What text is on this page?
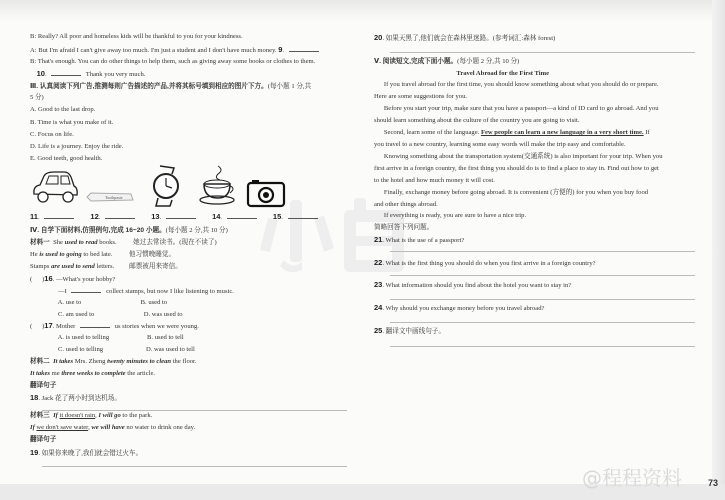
B: Really? All poor and homeless kids will be thankful to you for your kindness.
A: But I'm afraid I can't give away too much. I'm just a student and I don't have much money. 9.
B: That's enough. You can do other things to help them, such as giving away some books or clothes to them.
10.	Thank you very much.
Ⅲ. 认真阅读下列广告,推测每则广告描述的产品,并将其标号填到相应的图片下方。(每小题 1 分,共
5 分)
A. Good to the last drop.
B. Time is what you make of it.
C. Focus on life.
D. Life is a journey. Enjoy the ride.
E. Good teeth, good health.
11.	12.	13.	14.	15.
Ⅳ. 自学下面材料,仿照例句,完成 16~20 小题。(每小题 2 分,共 10 分)
材料一  She used to read books.          她过去常读书。(现在不读了)
He is used to going to bed late.          他习惯晚睡觉。
Stamps are used to send letters.         邮票被用来寄信。
(      )16. —What's your hobby?
—I	collect stamps, but now I like listening to music.
A. use to                                    B. used to
C. am used to                              D. was used to
(      )17. Mother	us stories when we were young.
A. is used to telling                       B. used to tell
C. used to telling                          D. was used to tell
材料二 It takes Mrs. Zheng twenty minutes to clean the floor.
It takes me three weeks to complete the article.
翻译句子
18. Jack 花了两小时到达机场。
材料三 If it doesn't rain, I will go to the park.
If we don't save water, we will have no water to drink one day.
翻译句子
19. 如果你来晚了,我们就会错过火车。
20. 如果天黑了,他们就会在森林里迷路。(参考词汇:森林 forest)
Ⅴ. 阅读短文,完成下面小题。(每小题 2 分,共 10 分)
Travel Abroad for the First Time
If you travel abroad for the first time, you should know something about what you should do or prepare.
Here are some suggestions for you.
Before you start your trip, make sure that you have a passport—a kind of ID card to go abroad. And you
should learn something about the culture of the country you are going to visit.
Second, learn some of the language. Few people can learn a new language in a very short time. If
you travel to a new country, learning some easy words will make the trip easy and comfortable.
Knowing something about the transportation system(交通系统) is also important for your trip. When you
first arrive in a foreign country, the first thing you should do is to find a place to stay in. Find out how to get
to the hotel and how much money it will cost.
Finally, exchange money before going abroad. It is convenient (方便的) for you when you buy food
and other things abroad.
If everything is ready, you are sure to have a nice trip.
简略回答下列问题。
21. What is the use of a passport?
22. What is the first thing you should do when you first arrive in a foreign country?
23. What information should you find about the hotel you want to stay in?
24. Why should you exchange money before you travel abroad?
25. 翻译文中画线句子。
Toothpaste
@程程资料	73
